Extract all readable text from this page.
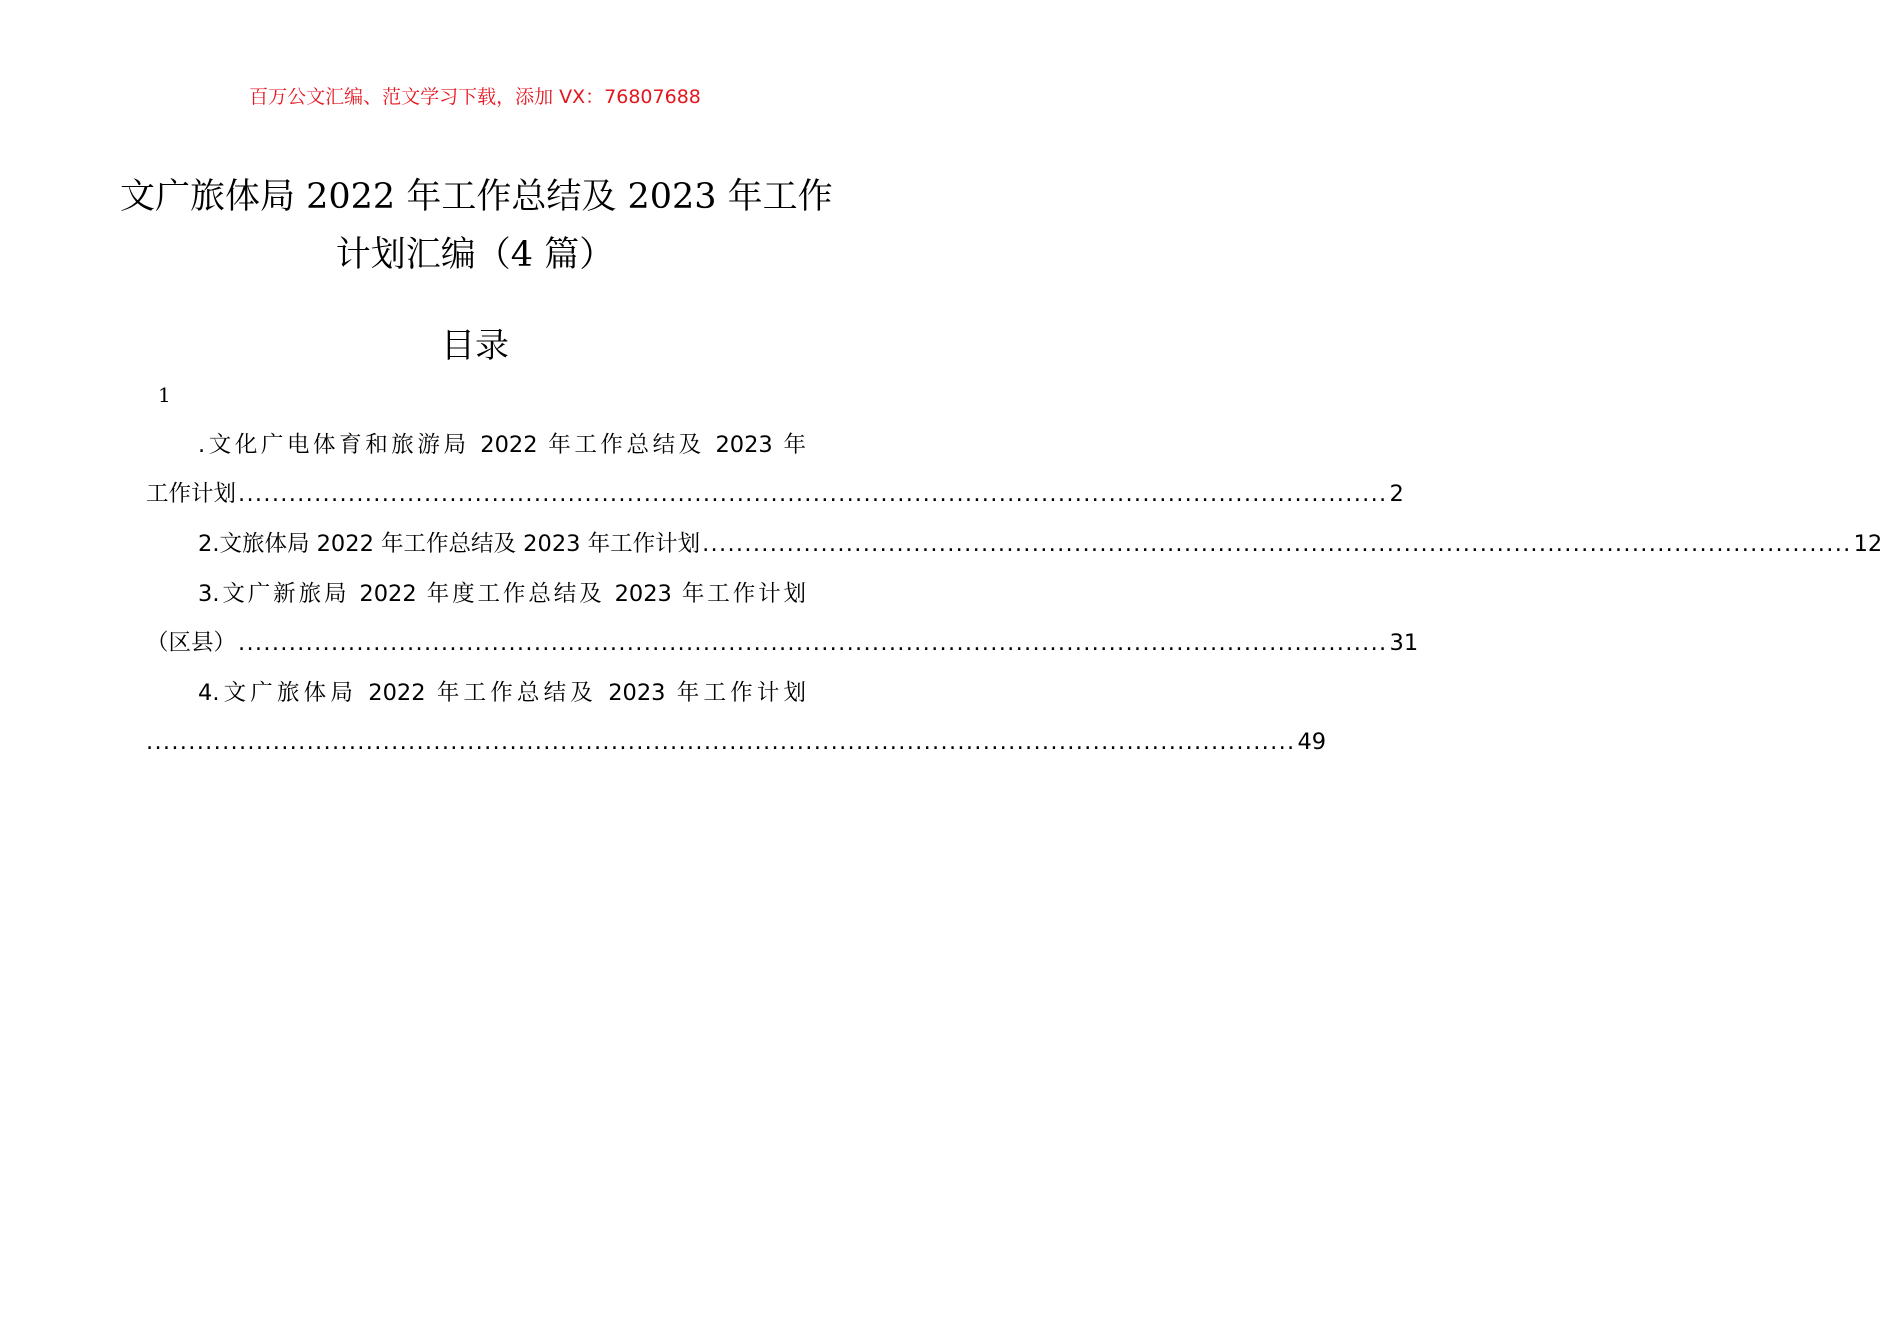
百万公文汇编、范文学习下载，添加 VX：76807688
文广旅体局 2022 年工作总结及 2023 年工作
计划汇编（4 篇）
目录
1
.文化广电体育和旅游局 2022 年工作总结及 2023 年
工作计划 ........................................................................................................................................ 2
2.文旅体局 2022 年工作总结及 2023 年工作计划 ........................................................................................................................................ 12
3.文广新旅局 2022 年度工作总结及 2023 年工作计划
（区县） ........................................................................................................................................ 31
4.文广旅体局 2022 年工作总结及 2023 年工作计划
........................................................................................................................................ 49
